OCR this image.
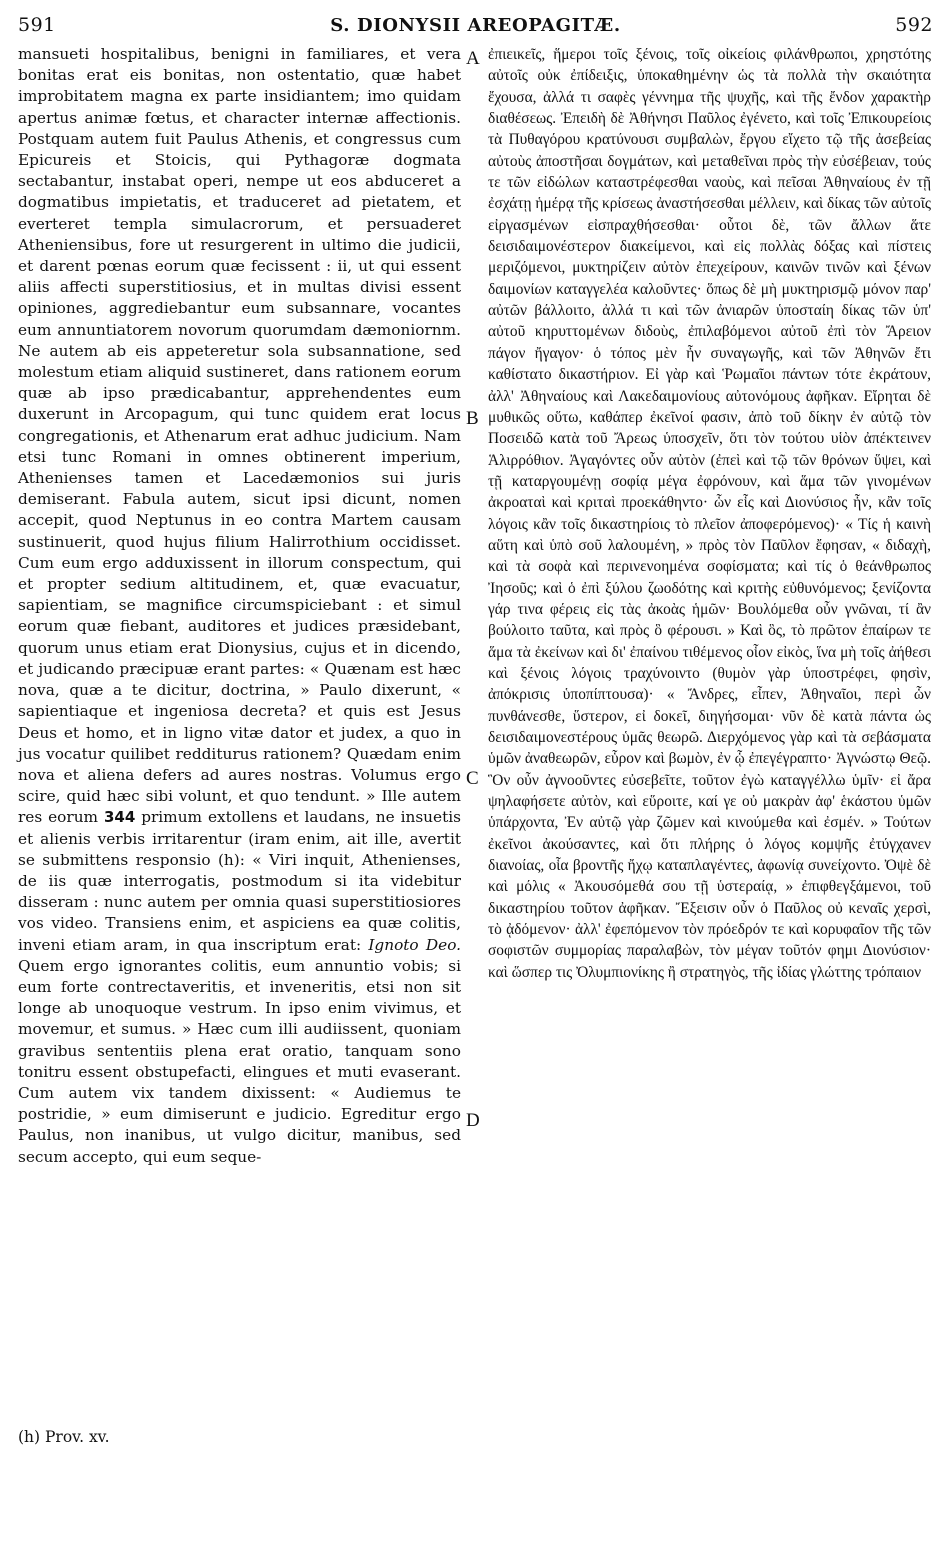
591	S. DIONYSII AREOPAGITÆ.	592

mansueti hospitalibus, benigni in familiares, et vera bonitas erat eis bonitas, non ostentatio, quæ habet improbitatem magna ex parte insidiantem; imo quidam apertus animæ fœtus, et character internæ affectionis. Postquam autem fuit Paulus Athenis, et congressus cum Epicureis et Stoicis, qui Pythagoræ dogmata sectabantur, instabat operi, nempe ut eos abduceret a dogmatibus impietatis, et traduceret ad pietatem, et everteret templa simulacrorum, et persuaderet Atheniensibus, fore ut resurgerent in ultimo die judicii, et darent pœnas eorum quæ fecissent : ii, ut qui essent aliis affecti superstitiosius, et in multas divisi essent opiniones, aggrediebantur eum subsannare, vocantes eum annuntiatorem novorum quorumdam dæmoniornm. Ne autem ab eis appeteretur sola subsannatione, sed molestum etiam aliquid sustineret, dans rationem eorum quæ ab ipso prædicabantur, apprehendentes eum duxerunt in Arcopagum, qui tunc quidem erat locus congregationis, et Athenarum erat adhuc judicium. Nam etsi tunc Romani in omnes obtinerent imperium, Athenienses tamen et Lacedæmonios sui juris demiserant. Fabula autem, sicut ipsi dicunt, nomen accepit, quod Neptunus in eo contra Martem causam sustinuerit, quod hujus filium Halirrothium occidisset. Cum eum ergo adduxissent in illorum conspectum, qui et propter sedium altitudinem, et, quæ evacuatur, sapientiam, se magnifice circumspiciebant : et simul eorum quæ fiebant, auditores et judices præsidebant, quorum unus etiam erat Dionysius, cujus et in dicendo, et judicando præcipuæ erant partes: « Quænam est hæc nova, quæ a te dicitur, doctrina, » Paulo dixerunt, « sapientiaque et ingeniosa decreta? et quis est Jesus Deus et homo, et in ligno vitæ dator et judex, a quo in jus vocatur quilibet redditurus rationem? Quædam enim nova et aliena defers ad aures nostras. Volumus ergo scire, quid hæc sibi volunt, et quo tendunt. » Ille autem res eorum 344 primum extollens et laudans, ne insuetis et alienis verbis irritarentur (iram enim, ait ille, avertit se submittens responsio (h): « Viri inquit, Athenienses, de iis quæ interrogatis, postmodum si ita videbitur disseram : nunc autem per omnia quasi superstitiosiores vos video. Transiens enim, et aspiciens ea quæ colitis, inveni etiam aram, in qua inscriptum erat: Ignoto Deo. Quem ergo ignorantes colitis, eum annuntio vobis; si eum forte contrectaveritis, et inveneritis, etsi non sit longe ab unoquoque vestrum. In ipso enim vivimus, et movemur, et sumus. » Hæc cum illi audiissent, quoniam gravibus sententiis plena erat oratio, tanquam sono tonitru essent obstupefacti, elingues et muti evaserant. Cum autem vix tandem dixissent: « Audiemus te postridie, » eum dimiserunt e judicio. Egreditur ergo Paulus, non inanibus, ut vulgo dicitur, manibus, sed secum accepto, qui eum seque-

A
B
C
D

ἐπιεικεῖς, ἥμεροι τοῖς ξένοις, τοῖς οἰκείοις φιλάνθρωποι, χρηστότης αὐτοῖς οὐκ ἐπίδειξις, ὑποκαθημένην ὡς τὰ πολλὰ τὴν σκαιότητα ἔχουσα, ἀλλά τι σαφὲς γέννημα τῆς ψυχῆς, καὶ τῆς ἔνδον χαρακτὴρ διαθέσεως. Ἐπειδὴ δὲ Ἀθήνησι Παῦλος ἐγένετο, καὶ τοῖς Ἐπικουρείοις τὰ Πυθαγόρου κρατύνουσι συμβαλὼν, ἔργου εἴχετο τῷ τῆς ἀσεβείας αὐτοὺς ἀποστῆσαι δογμάτων, καὶ μεταθεῖναι πρὸς τὴν εὐσέβειαν, τούς τε τῶν εἰδώλων καταστρέφεσθαι ναοὺς, καὶ πεῖσαι Ἀθηναίους ἐν τῇ ἐσχάτῃ ἡμέρᾳ τῆς κρίσεως ἀναστήσεσθαι μέλλειν, καὶ δίκας τῶν αὐτοῖς εἰργασμένων εἰσπραχθήσεσθαι· οὗτοι δὲ, τῶν ἄλλων ἅτε δεισιδαιμονέστερον διακείμενοι, καὶ εἰς πολλὰς δόξας καὶ πίστεις μεριζόμενοι, μυκτηρίζειν αὐτὸν ἐπεχείρουν, καινῶν τινῶν καὶ ξένων δαιμονίων καταγγελέα καλοῦντες· ὅπως δὲ μὴ μυκτηρισμῷ μόνον παρ' αὐτῶν βάλλοιτο, ἀλλά τι καὶ τῶν ἀνιαρῶν ὑποσταίη δίκας τῶν ὑπ' αὐτοῦ κηρυττομένων διδοὺς, ἐπιλαβόμενοι αὐτοῦ ἐπὶ τὸν Ἄρειον πάγον ἤγαγον· ὁ τόπος μὲν ἦν συναγωγῆς, καὶ τῶν Ἀθηνῶν ἔτι καθίστατο δικαστήριον. Εἰ γὰρ καὶ Ῥωμαῖοι πάντων τότε ἐκράτουν, ἀλλ' Ἀθηναίους καὶ Λακεδαιμονίους αὐτονόμους ἀφῆκαν. Εἴρηται δὲ μυθικῶς οὕτω, καθάπερ ἐκεῖνοί φασιν, ἀπὸ τοῦ δίκην ἐν αὐτῷ τὸν Ποσειδῶ κατὰ τοῦ Ἄρεως ὑποσχεῖν, ὅτι τὸν τούτου υἱὸν ἀπέκτεινεν Ἁλιρρόθιον. Ἀγαγόντες οὖν αὐτὸν (ἐπεὶ καὶ τῷ τῶν θρόνων ὕψει, καὶ τῇ καταργουμένῃ σοφίᾳ μέγα ἐφρόνουν, καὶ ἅμα τῶν γινομένων ἀκροαταὶ καὶ κριταὶ προεκάθηντο· ὧν εἷς καὶ Διονύσιος ἦν, κἂν τοῖς λόγοις κἂν τοῖς δικαστηρίοις τὸ πλεῖον ἀποφερόμενος)· « Τίς ἡ καινὴ αὕτη καὶ ὑπὸ σοῦ λαλουμένη, » πρὸς τὸν Παῦλον ἔφησαν, « διδαχὴ, καὶ τὰ σοφὰ καὶ περινενοημένα σοφίσματα; καὶ τίς ὁ θεάνθρωπος Ἰησοῦς; καὶ ὁ ἐπὶ ξύλου ζωοδότης καὶ κριτὴς εὐθυνόμενος; ξενίζοντα γάρ τινα φέρεις εἰς τὰς ἀκοὰς ἡμῶν· Βουλόμεθα οὖν γνῶναι, τί ἂν βούλοιτο ταῦτα, καὶ πρὸς ὃ φέρουσι. » Καὶ ὃς, τὸ πρῶτον ἐπαίρων τε ἅμα τὰ ἐκείνων καὶ δι' ἐπαίνου τιθέμενος οἷον εἰκὸς, ἵνα μὴ τοῖς ἀήθεσι καὶ ξένοις λόγοις τραχύνοιντο (θυμὸν γὰρ ὑποστρέφει, φησὶν, ἀπόκρισις ὑποπίπτουσα)· « Ἄνδρες, εἶπεν, Ἀθηναῖοι, περὶ ὧν πυνθάνεσθε, ὕστερον, εἰ δοκεῖ, διηγήσομαι· νῦν δὲ κατὰ πάντα ὡς δεισιδαιμονεστέρους ὑμᾶς θεωρῶ. Διερχόμενος γὰρ καὶ τὰ σεβάσματα ὑμῶν ἀναθεωρῶν, εὗρον καὶ βωμὸν, ἐν ᾧ ἐπεγέγραπτο· Ἀγνώστῳ Θεῷ. Ὃν οὖν ἀγνοοῦντες εὐσεβεῖτε, τοῦτον ἐγὼ καταγγέλλω ὑμῖν· εἰ ἄρα ψηλαφήσετε αὐτὸν, καὶ εὕροιτε, καί γε οὐ μακρὰν ἀφ' ἑκάστου ὑμῶν ὑπάρχοντα, Ἐν αὐτῷ γὰρ ζῶμεν καὶ κινούμεθα καὶ ἐσμέν. » Τούτων ἐκεῖνοι ἀκούσαντες, καὶ ὅτι πλήρης ὁ λόγος κομψῆς ἐτύγχανεν διανοίας, οἷα βροντῆς ἤχῳ καταπλαγέντες, ἀφωνίᾳ συνείχοντο. Ὀψὲ δὲ καὶ μόλις « Ἀκουσόμεθά σου τῇ ὑστεραίᾳ, » ἐπιφθεγξάμενοι, τοῦ δικαστηρίου τοῦτον ἀφῆκαν. Ἔξεισιν οὖν ὁ Παῦλος οὐ κεναῖς χερσὶ, τὸ ᾀδόμενον· ἀλλ' ἐφεπόμενον τὸν πρόεδρόν τε καὶ κορυφαῖον τῆς τῶν σοφιστῶν συμμορίας παραλαβὼν, τὸν μέγαν τοῦτόν φημι Διονύσιον· καὶ ὥσπερ τις Ὀλυμπιονίκης ἢ στρατηγὸς, τῆς ἰδίας γλώττης τρόπαιον

(h) Prov. xv.
